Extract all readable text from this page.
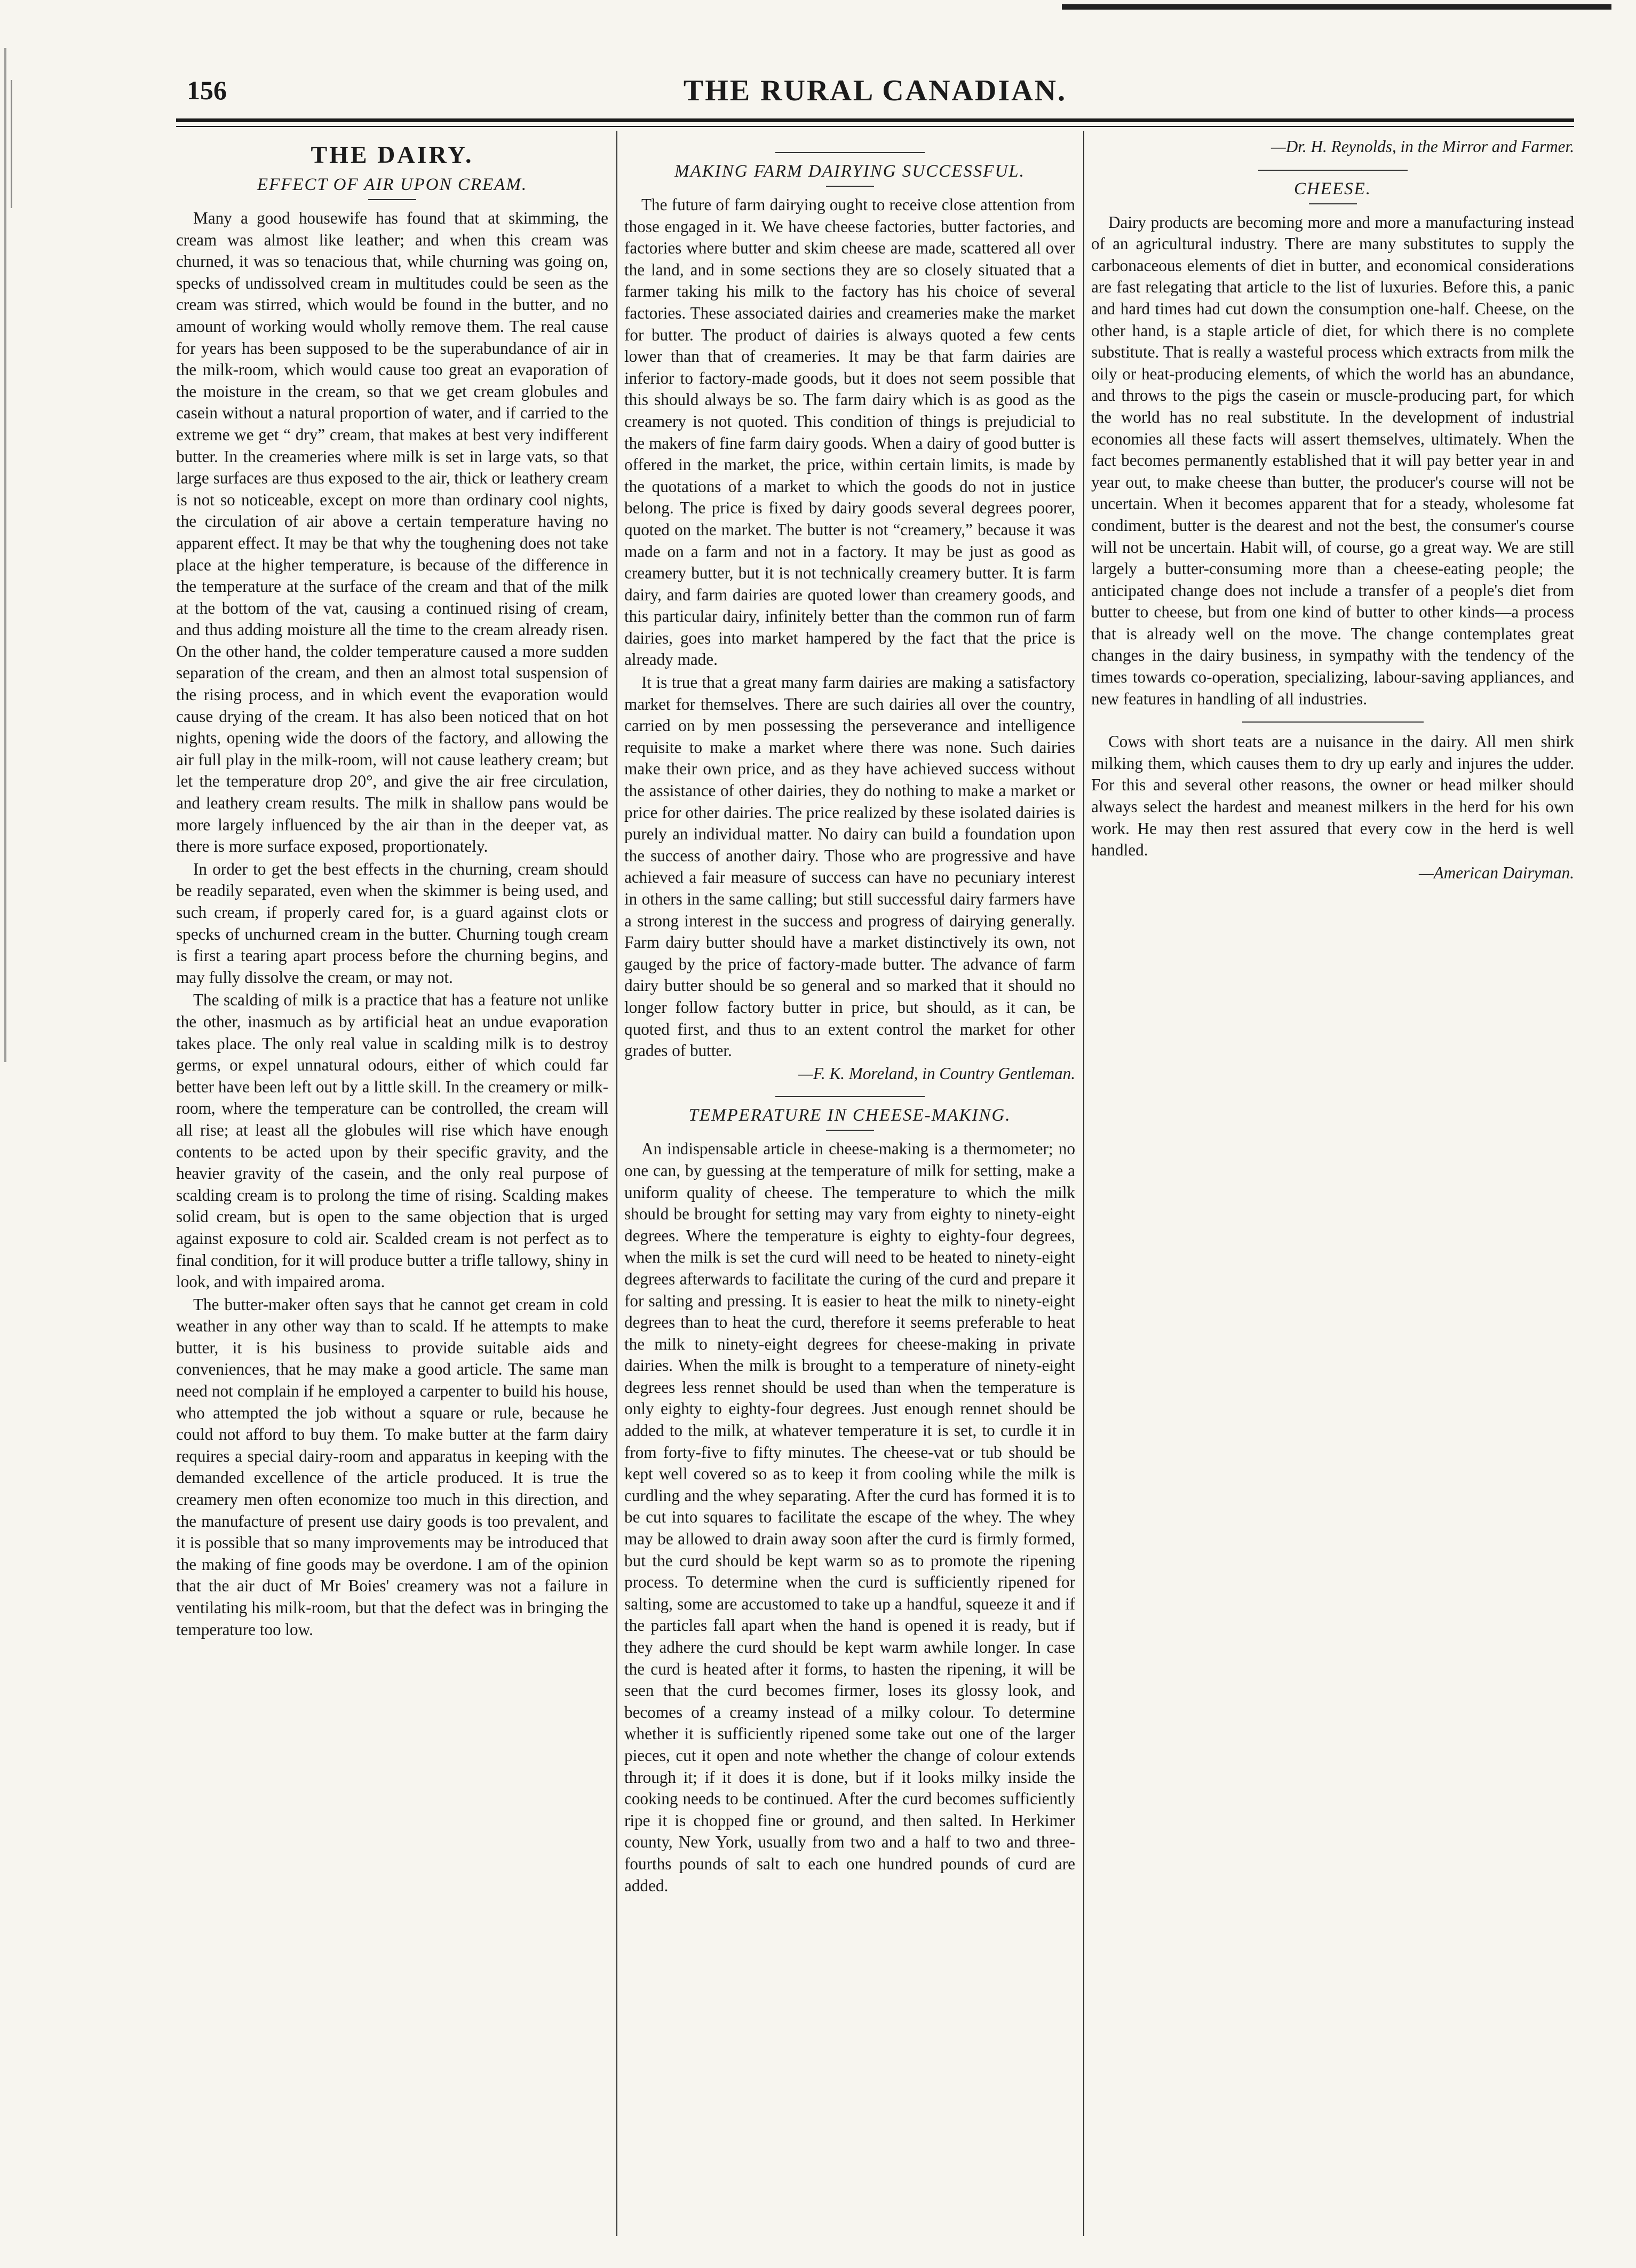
156	THE RURAL CANADIAN.
THE DAIRY.
EFFECT OF AIR UPON CREAM.

Many a good housewife has found that at skimming, the cream was almost like leather; and when this cream was churned, it was so tenacious that, while churning was going on, specks of undissolved cream in multitudes could be seen as the cream was stirred, which would be found in the butter, and no amount of working would wholly remove them. The real cause for years has been supposed to be the superabundance of air in the milk-room, which would cause too great an evaporation of the moisture in the cream, so that we get cream globules and casein without a natural proportion of water, and if carried to the extreme we get “ dry” cream, that makes at best very indifferent butter. In the creameries where milk is set in large vats, so that large surfaces are thus exposed to the air, thick or leathery cream is not so noticeable, except on more than ordinary cool nights, the circulation of air above a certain temperature having no apparent effect. It may be that why the toughening does not take place at the higher temperature, is because of the difference in the temperature at the surface of the cream and that of the milk at the bottom of the vat, causing a continued rising of cream, and thus adding moisture all the time to the cream already risen. On the other hand, the colder temperature caused a more sudden separation of the cream, and then an almost total suspension of the rising process, and in which event the evaporation would cause drying of the cream. It has also been noticed that on hot nights, opening wide the doors of the factory, and allowing the air full play in the milk-room, will not cause leathery cream; but let the temperature drop 20°, and give the air free circulation, and leathery cream results. The milk in shallow pans would be more largely influenced by the air than in the deeper vat, as there is more surface exposed, proportionately.

In order to get the best effects in the churning, cream should be readily separated, even when the skimmer is being used, and such cream, if properly cared for, is a guard against clots or specks of unchurned cream in the butter. Churning tough cream is first a tearing apart process before the churning begins, and may fully dissolve the cream, or may not.

The scalding of milk is a practice that has a feature not unlike the other, inasmuch as by artificial heat an undue evaporation takes place. The only real value in scalding milk is to destroy germs, or expel unnatural odours, either of which could far better have been left out by a little skill. In the creamery or milk-room, where the temperature can be controlled, the cream will all rise; at least all the globules will rise which have enough contents to be acted upon by their specific gravity, and the heavier gravity of the casein, and the only real purpose of scalding cream is to prolong the time of rising. Scalding makes solid cream, but is open to the same objection that is urged against exposure to cold air. Scalded cream is not perfect as to final condition, for it will produce butter a trifle tallowy, shiny in look, and with impaired aroma.

The butter-maker often says that he cannot get cream in cold weather in any other way than to scald. If he attempts to make butter, it is his business to provide suitable aids and conveniences, that he may make a good article. The same man need not complain if he employed a carpenter to build his house, who attempted the job without a square or rule, because he could not afford to buy them. To make butter at the farm dairy requires a special dairy-room and apparatus in keeping with the demanded excellence of the article produced. It is true the creamery men often economize too much in this direction, and the manufacture of present use dairy goods is too prevalent, and it is possible that so many improvements may be introduced that the making of fine goods may be overdone. I am of the opinion that the air duct of Mr Boies' creamery was not a failure in ventilating his milk-room, but that the defect was in bringing the temperature too low.

MAKING FARM DAIRYING SUCCESSFUL.

The future of farm dairying ought to receive close attention from those engaged in it. We have cheese factories, butter factories, and factories where butter and skim cheese are made, scattered all over the land, and in some sections they are so closely situated that a farmer taking his milk to the factory has his choice of several factories. These associated dairies and creameries make the market for butter. The product of dairies is always quoted a few cents lower than that of creameries. It may be that farm dairies are inferior to factory-made goods, but it does not seem possible that this should always be so. The farm dairy which is as good as the creamery is not quoted. This condition of things is prejudicial to the makers of fine farm dairy goods. When a dairy of good butter is offered in the market, the price, within certain limits, is made by the quotations of a market to which the goods do not in justice belong. The price is fixed by dairy goods several degrees poorer, quoted on the market. The butter is not “creamery,” because it was made on a farm and not in a factory. It may be just as good as creamery butter, but it is not technically creamery butter. It is farm dairy, and farm dairies are quoted lower than creamery goods, and this particular dairy, infinitely better than the common run of farm dairies, goes into market hampered by the fact that the price is already made.

It is true that a great many farm dairies are making a satisfactory market for themselves. There are such dairies all over the country, carried on by men possessing the perseverance and intelligence requisite to make a market where there was none. Such dairies make their own price, and as they have achieved success without the assistance of other dairies, they do nothing to make a market or price for other dairies. The price realized by these isolated dairies is purely an individual matter. No dairy can build a foundation upon the success of another dairy. Those who are progressive and have achieved a fair measure of success can have no pecuniary interest in others in the same calling; but still successful dairy farmers have a strong interest in the success and progress of dairying generally. Farm dairy butter should have a market distinctively its own, not gauged by the price of factory-made butter. The advance of farm dairy butter should be so general and so marked that it should no longer follow factory butter in price, but should, as it can, be quoted first, and thus to an extent control the market for other grades of butter.

—F. K. Moreland, in Country Gentleman.

TEMPERATURE IN CHEESE-MAKING.

An indispensable article in cheese-making is a thermometer; no one can, by guessing at the temperature of milk for setting, make a uniform quality of cheese. The temperature to which the milk should be brought for setting may vary from eighty to ninety-eight degrees. Where the temperature is eighty to eighty-four degrees, when the milk is set the curd will need to be heated to ninety-eight degrees afterwards to facilitate the curing of the curd and prepare it for salting and pressing. It is easier to heat the milk to ninety-eight degrees than to heat the curd, therefore it seems preferable to heat the milk to ninety-eight degrees for cheese-making in private dairies. When the milk is brought to a temperature of ninety-eight degrees less rennet should be used than when the temperature is only eighty to eighty-four degrees. Just enough rennet should be added to the milk, at whatever temperature it is set, to curdle it in from forty-five to fifty minutes. The cheese-vat or tub should be kept well covered so as to keep it from cooling while the milk is curdling and the whey separating. After the curd has formed it is to be cut into squares to facilitate the escape of the whey. The whey may be allowed to drain away soon after the curd is firmly formed, but the curd should be kept warm so as to promote the ripening process. To determine when the curd is sufficiently ripened for salting, some are accustomed to take up a handful, squeeze it and if the particles fall apart when the hand is opened it is ready, but if they adhere the curd should be kept warm awhile longer. In case the curd is heated after it forms, to hasten the ripening, it will be seen that the curd becomes firmer, loses its glossy look, and becomes of a creamy instead of a milky colour. To determine whether it is sufficiently ripened some take out one of the larger pieces, cut it open and note whether the change of colour extends through it; if it does it is done, but if it looks milky inside the cooking needs to be continued. After the curd becomes sufficiently ripe it is chopped fine or ground, and then salted. In Herkimer county, New York, usually from two and a half to two and three-fourths pounds of salt to each one hundred pounds of curd are added.

—Dr. H. Reynolds, in the Mirror and Farmer.

CHEESE.

Dairy products are becoming more and more a manufacturing instead of an agricultural industry. There are many substitutes to supply the carbonaceous elements of diet in butter, and economical considerations are fast relegating that article to the list of luxuries. Before this, a panic and hard times had cut down the consumption one-half. Cheese, on the other hand, is a staple article of diet, for which there is no complete substitute. That is really a wasteful process which extracts from milk the oily or heat-producing elements, of which the world has an abundance, and throws to the pigs the casein or muscle-producing part, for which the world has no real substitute. In the development of industrial economies all these facts will assert themselves, ultimately. When the fact becomes permanently established that it will pay better year in and year out, to make cheese than butter, the producer's course will not be uncertain. When it becomes apparent that for a steady, wholesome fat condiment, butter is the dearest and not the best, the consumer's course will not be uncertain. Habit will, of course, go a great way. We are still largely a butter-consuming more than a cheese-eating people; the anticipated change does not include a transfer of a people's diet from butter to cheese, but from one kind of butter to other kinds—a process that is already well on the move. The change contemplates great changes in the dairy business, in sympathy with the tendency of the times towards co-operation, specializing, labour-saving appliances, and new features in handling of all industries.

Cows with short teats are a nuisance in the dairy. All men shirk milking them, which causes them to dry up early and injures the udder. For this and several other reasons, the owner or head milker should always select the hardest and meanest milkers in the herd for his own work. He may then rest assured that every cow in the herd is well handled.

—American Dairyman.
